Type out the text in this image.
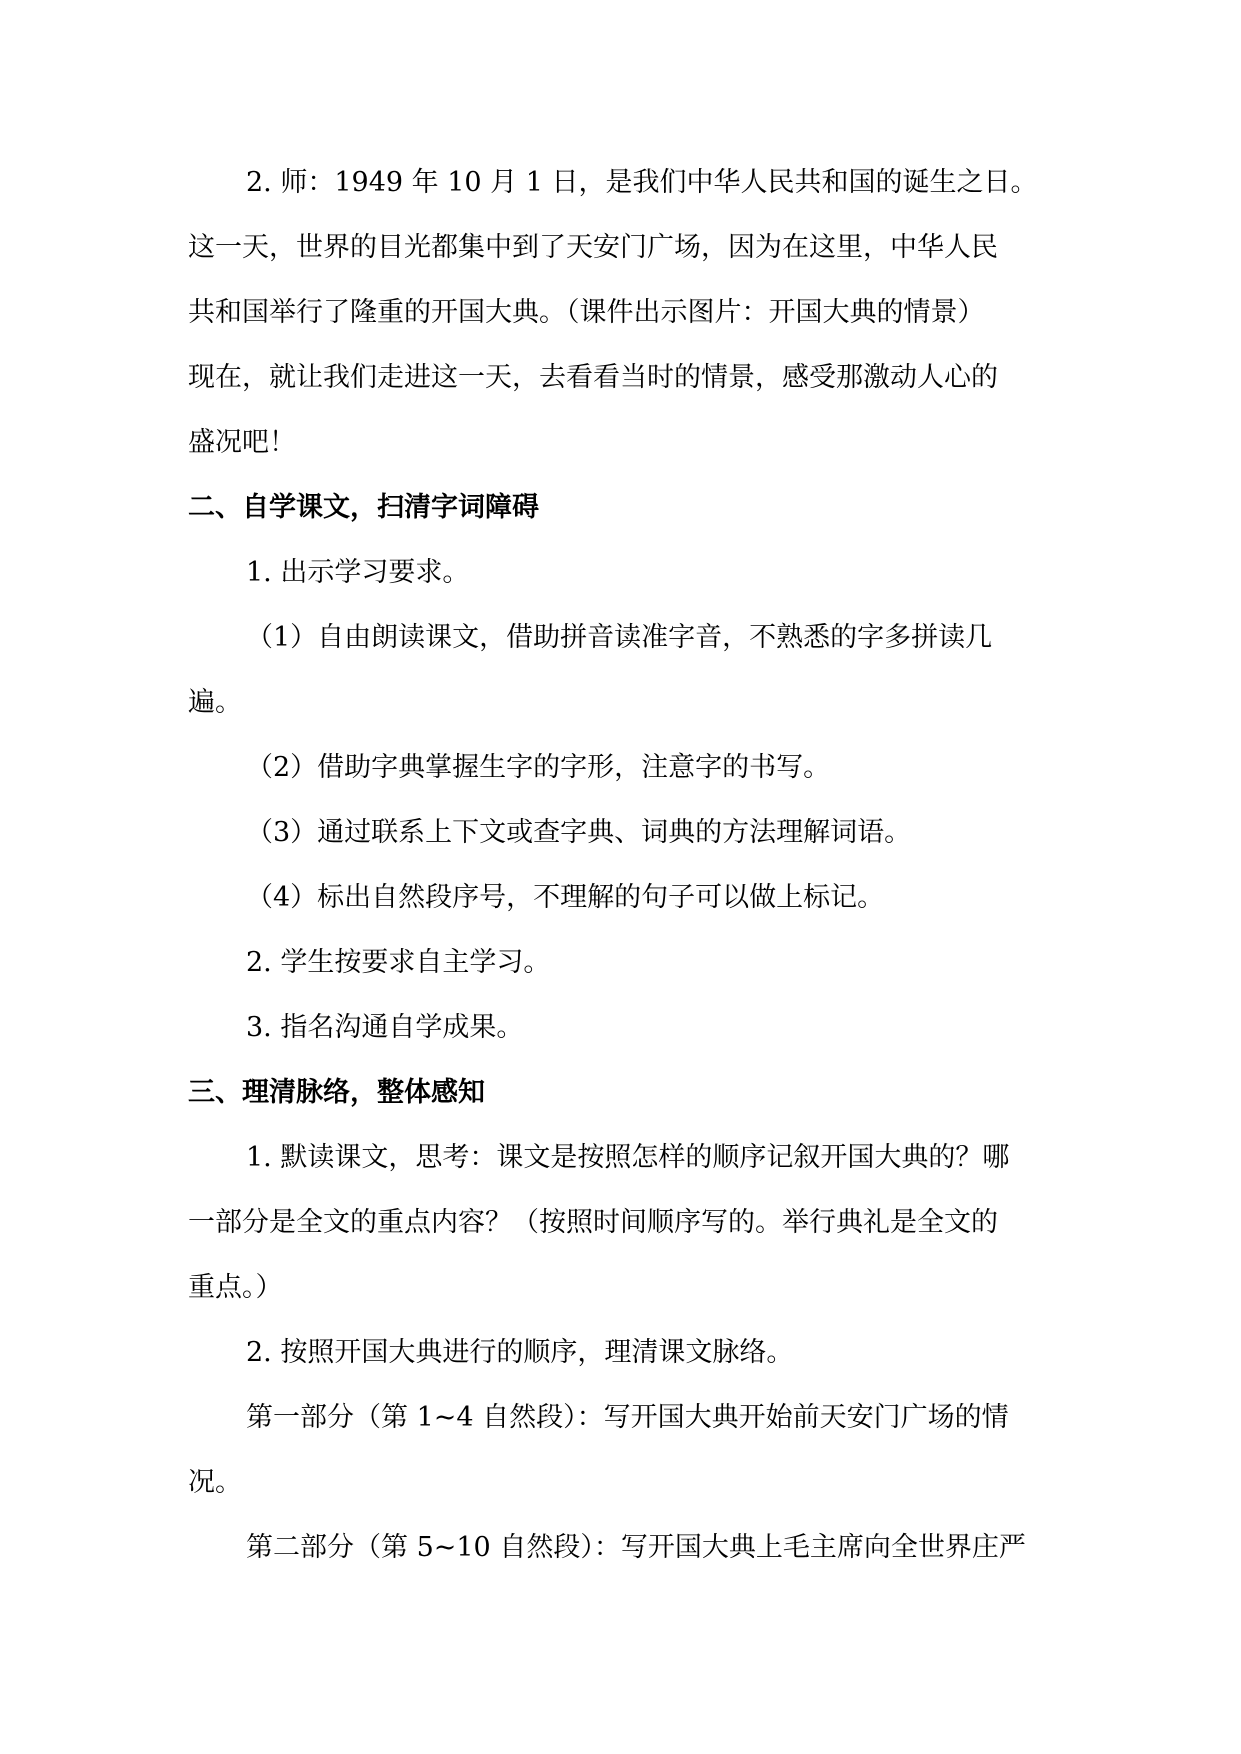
2. 师：1949 年 10 月 1 日，是我们中华人民共和国的诞生之日。
这一天，世界的目光都集中到了天安门广场，因为在这里，中华人民
共和国举行了隆重的开国大典。（课件出示图片：开国大典的情景）
现在，就让我们走进这一天，去看看当时的情景，感受那激动人心的
盛况吧！

二、自学课文，扫清字词障碍

1. 出示学习要求。

（1）自由朗读课文，借助拼音读准字音，不熟悉的字多拼读几
遍。

（2）借助字典掌握生字的字形，注意字的书写。

（3）通过联系上下文或查字典、词典的方法理解词语。

（4）标出自然段序号，不理解的句子可以做上标记。

2. 学生按要求自主学习。

3. 指名沟通自学成果。

三、理清脉络，整体感知

1. 默读课文，思考：课文是按照怎样的顺序记叙开国大典的？哪
一部分是全文的重点内容？（按照时间顺序写的。举行典礼是全文的
重点。）

2. 按照开国大典进行的顺序，理清课文脉络。

第一部分（第 1~4 自然段）：写开国大典开始前天安门广场的情
况。

第二部分（第 5~10 自然段）：写开国大典上毛主席向全世界庄严
